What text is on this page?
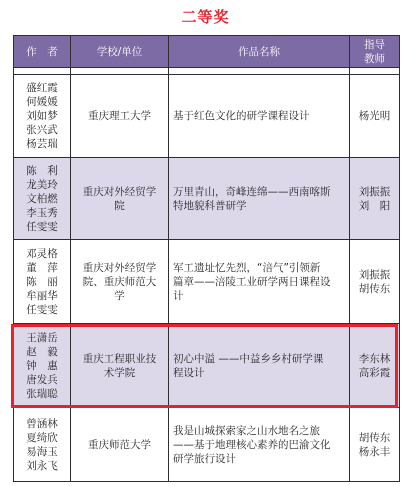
二等奖
作　者	学校/单位	作品名称	指导
教师

盛红霞
何媛媛
刘如梦
张兴武
杨芸瑞	重庆理工大学	基于红色文化的研学课程设计	杨光明

陈　利
龙美玲
文柏燃
李玉秀
任雯雯	重庆对外经贸学
院	万里青山，奇峰连绵——西南喀斯
特地貌科普研学	刘振振
刘　阳

邓灵格
董　萍
陈　丽
牟丽华
任雯雯	重庆对外经贸学
院、重庆师范大
学	军工遗址忆先烈，“涪气”引领新
篇章——涪陵工业研学两日课程设
计	刘振振
胡传东

王潇岳
赵　毅
钟　惠
唐发兵
张瑞聪	重庆工程职业技
术学院	初心中溢 ——中益乡乡村研学课
程设计	李东林
高彩霞

曾涵林
夏绮欣
易海玉
刘永飞	重庆师范大学	我是山城探索家之山水地名之旅
——基于地理核心素养的巴渝文化
研学旅行设计	胡传东
杨永丰
